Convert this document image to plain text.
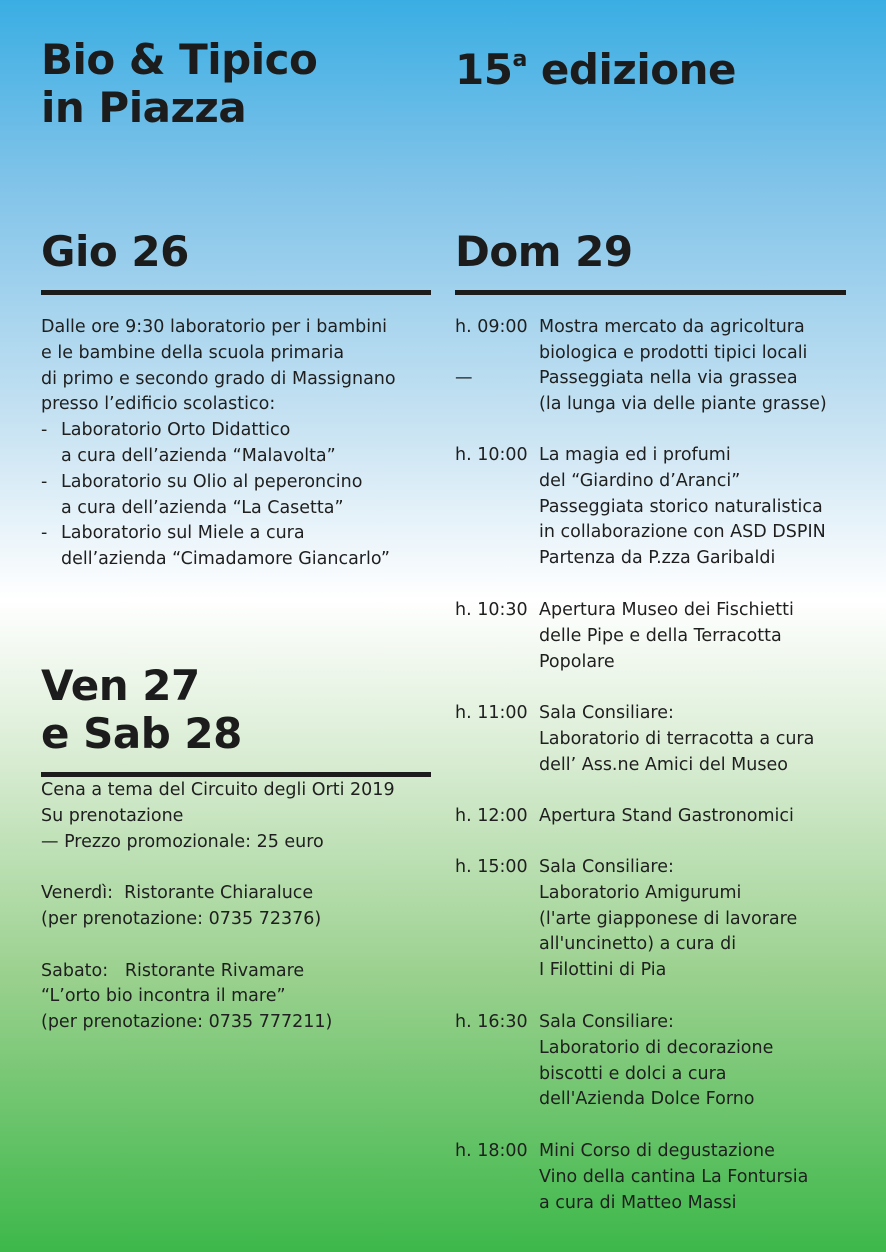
Bio & Tipico
in Piazza
15$^a$ edizione
Gio 26
Dalle ore 9:30 laboratorio per i bambini
e le bambine della scuola primaria
di primo e secondo grado di Massignano
presso l’edificio scolastico:
- Laboratorio Orto Didattico
a cura dell’azienda “Malavolta”
- Laboratorio su Olio al peperoncino
a cura dell’azienda “La Casetta”
- Laboratorio sul Miele a cura
dell’azienda “Cimadamore Giancarlo”
Ven 27
e Sab 28
Cena a tema del Circuito degli Orti 2019
Su prenotazione
— Prezzo promozionale: 25 euro

Venerdì:  Ristorante Chiaraluce
(per prenotazione: 0735 72376)

Sabato:   Ristorante Rivamare
“L’orto bio incontra il mare”
(per prenotazione: 0735 777211)
Dom 29
h. 09:00 Mostra mercato da agricoltura
biologica e prodotti tipici locali
—	Passeggiata nella via grassea
(la lunga via delle piante grasse)
h. 10:00 La magia ed i profumi
del “Giardino d’Aranci”
Passeggiata storico naturalistica
in collaborazione con ASD DSPIN
Partenza da P.zza Garibaldi
h. 10:30 Apertura Museo dei Fischietti
delle Pipe e della Terracotta
Popolare
h. 11:00 Sala Consiliare:
Laboratorio di terracotta a cura
dell’ Ass.ne Amici del Museo
h. 12:00 Apertura Stand Gastronomici
h. 15:00 Sala Consiliare:
Laboratorio Amigurumi
(l'arte giapponese di lavorare
all'uncinetto) a cura di
I Filottini di Pia
h. 16:30 Sala Consiliare:
Laboratorio di decorazione
biscotti e dolci a cura
dell'Azienda Dolce Forno
h. 18:00 Mini Corso di degustazione
Vino della cantina La Fontursia
a cura di Matteo Massi
